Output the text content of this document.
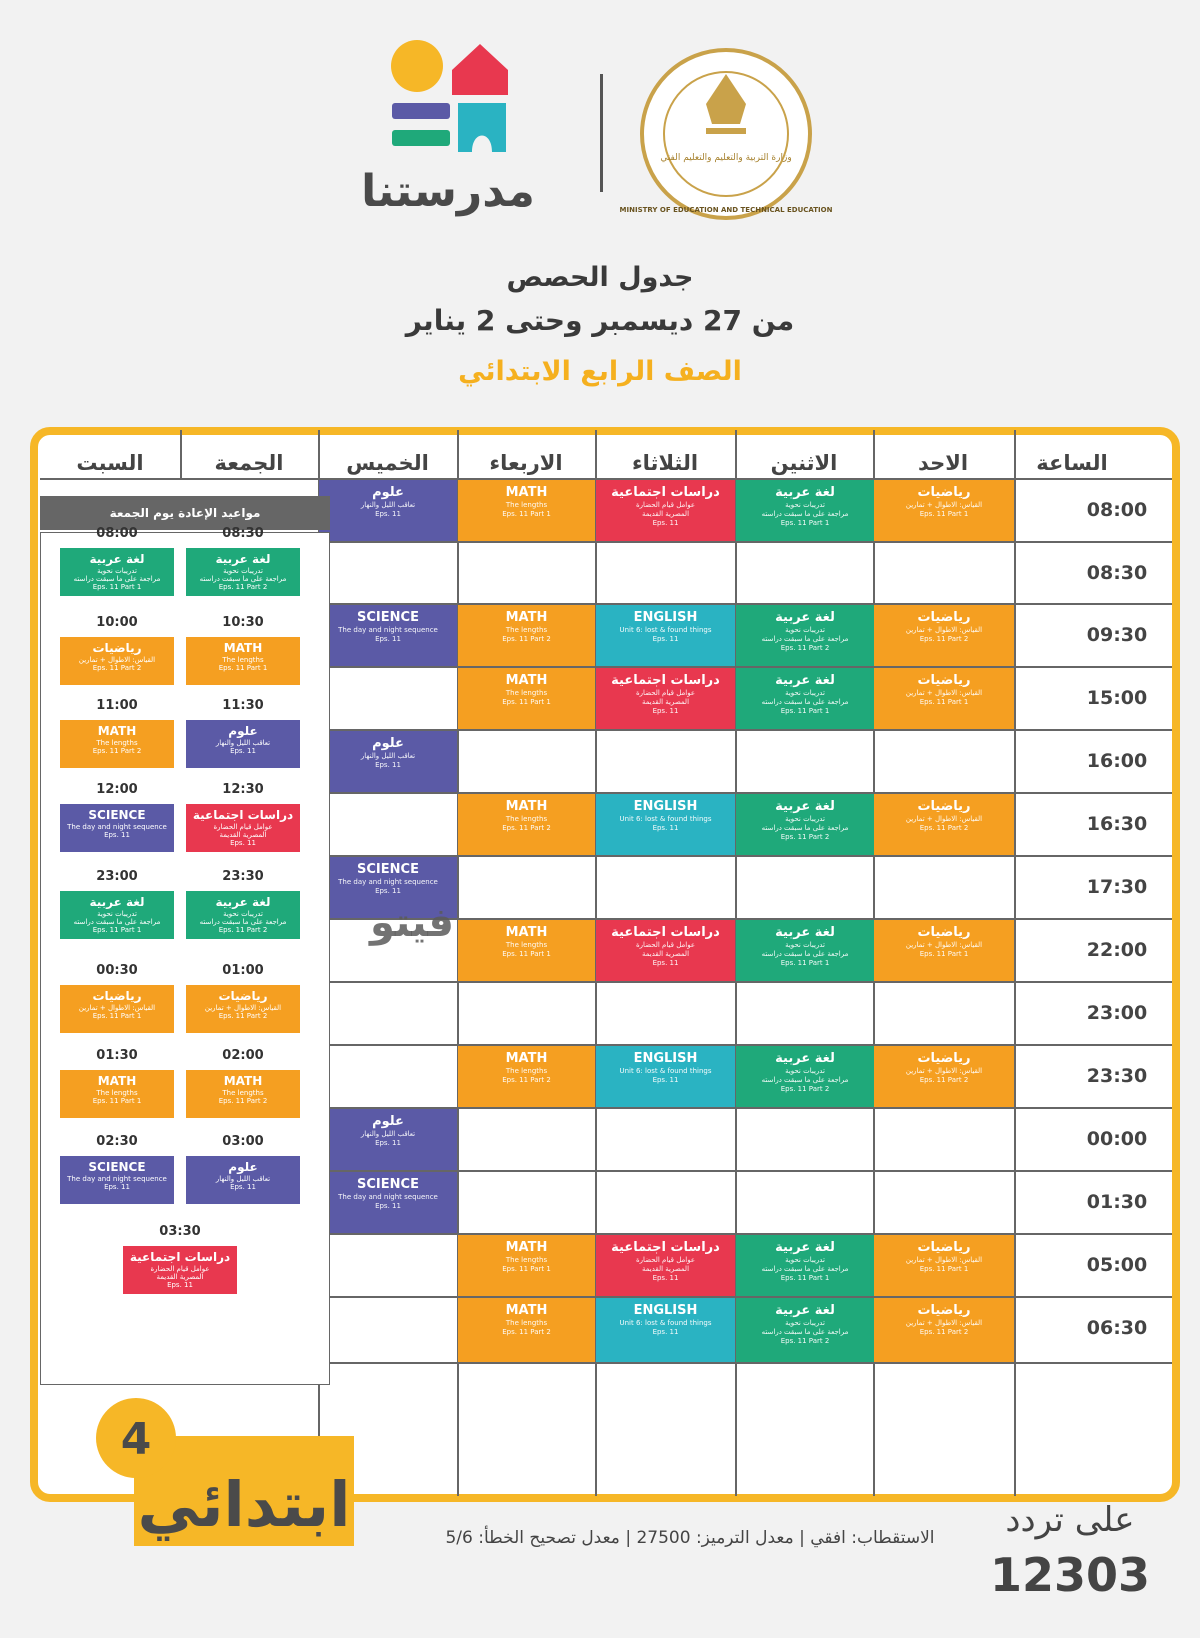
مدرستنا
وزارة التربية والتعليم والتعليم الفني
MINISTRY OF EDUCATION AND TECHNICAL EDUCATION
جدول الحصص
من 27 ديسمبر وحتى 2 يناير
الصف الرابع الابتدائي
الساعة
الاحد
الاثنين
الثلاثاء
الاربعاء
الخميس
الجمعة
السبت
08:00
08:30
09:30
15:00
16:00
16:30
17:30
22:00
23:00
23:30
00:00
01:30
05:00
06:30
رياضيات
القياس: الاطوال + تمارين
Eps. 11 Part 1
لغة عربية
تدريبات نحوية
مراجعة على ما سبقت دراسته
Eps. 11 Part 1
دراسات اجتماعية
عوامل قيام الحضارة
المصرية القديمة
Eps. 11
MATH
The lengths
Eps. 11 Part 1
علوم
تعاقب الليل والنهار
Eps. 11
رياضيات
القياس: الاطوال + تمارين
Eps. 11 Part 2
لغة عربية
تدريبات نحوية
مراجعة على ما سبقت دراسته
Eps. 11 Part 2
ENGLISH
Unit 6: lost & found things
Eps. 11
MATH
The lengths
Eps. 11 Part 2
SCIENCE
The day and night sequence
Eps. 11
رياضيات
القياس: الاطوال + تمارين
Eps. 11 Part 1
لغة عربية
تدريبات نحوية
مراجعة على ما سبقت دراسته
Eps. 11 Part 1
دراسات اجتماعية
عوامل قيام الحضارة
المصرية القديمة
Eps. 11
MATH
The lengths
Eps. 11 Part 1
علوم
تعاقب الليل والنهار
Eps. 11
رياضيات
القياس: الاطوال + تمارين
Eps. 11 Part 2
لغة عربية
تدريبات نحوية
مراجعة على ما سبقت دراسته
Eps. 11 Part 2
ENGLISH
Unit 6: lost & found things
Eps. 11
MATH
The lengths
Eps. 11 Part 2
SCIENCE
The day and night sequence
Eps. 11
رياضيات
القياس: الاطوال + تمارين
Eps. 11 Part 1
لغة عربية
تدريبات نحوية
مراجعة على ما سبقت دراسته
Eps. 11 Part 1
دراسات اجتماعية
عوامل قيام الحضارة
المصرية القديمة
Eps. 11
MATH
The lengths
Eps. 11 Part 1
رياضيات
القياس: الاطوال + تمارين
Eps. 11 Part 2
لغة عربية
تدريبات نحوية
مراجعة على ما سبقت دراسته
Eps. 11 Part 2
ENGLISH
Unit 6: lost & found things
Eps. 11
MATH
The lengths
Eps. 11 Part 2
علوم
تعاقب الليل والنهار
Eps. 11
SCIENCE
The day and night sequence
Eps. 11
رياضيات
القياس: الاطوال + تمارين
Eps. 11 Part 1
لغة عربية
تدريبات نحوية
مراجعة على ما سبقت دراسته
Eps. 11 Part 1
دراسات اجتماعية
عوامل قيام الحضارة
المصرية القديمة
Eps. 11
MATH
The lengths
Eps. 11 Part 1
رياضيات
القياس: الاطوال + تمارين
Eps. 11 Part 2
لغة عربية
تدريبات نحوية
مراجعة على ما سبقت دراسته
Eps. 11 Part 2
ENGLISH
Unit 6: lost & found things
Eps. 11
MATH
The lengths
Eps. 11 Part 2
مواعيد الإعادة يوم الجمعة
08:00
لغة عربية
تدريبات نحوية
مراجعة على ما سبقت دراسته
Eps. 11 Part 1
08:30
لغة عربية
تدريبات نحوية
مراجعة على ما سبقت دراسته
Eps. 11 Part 2
10:00
رياضيات
القياس: الاطوال + تمارين
Eps. 11 Part 2
10:30
MATH
The lengths
Eps. 11 Part 1
11:00
MATH
The lengths
Eps. 11 Part 2
11:30
علوم
تعاقب الليل والنهار
Eps. 11
12:00
SCIENCE
The day and night sequence
Eps. 11
12:30
دراسات اجتماعية
عوامل قيام الحضارة
المصرية القديمة
Eps. 11
23:00
لغة عربية
تدريبات نحوية
مراجعة على ما سبقت دراسته
Eps. 11 Part 1
23:30
لغة عربية
تدريبات نحوية
مراجعة على ما سبقت دراسته
Eps. 11 Part 2
00:30
رياضيات
القياس: الاطوال + تمارين
Eps. 11 Part 1
01:00
رياضيات
القياس: الاطوال + تمارين
Eps. 11 Part 2
01:30
MATH
The lengths
Eps. 11 Part 1
02:00
MATH
The lengths
Eps. 11 Part 2
02:30
SCIENCE
The day and night sequence
Eps. 11
03:00
علوم
تعاقب الليل والنهار
Eps. 11
03:30
دراسات اجتماعية
عوامل قيام الحضارة
المصرية القديمة
Eps. 11
فيتو
4
ابتدائي	الاستقطاب: افقي | معدل الترميز: 27500 | معدل تصحيح الخطأ: 5/6	على تردد
12303
